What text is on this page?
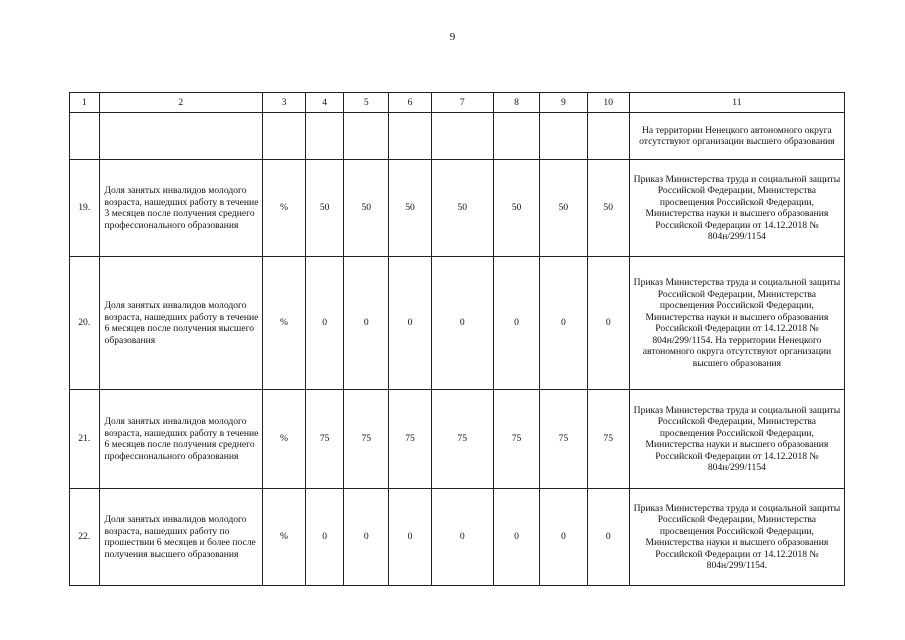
9
1	2	3	4	5	6	7	8	9	10	11
										На территории Ненецкого автономного округа отсутствуют организации высшего образования
19.	Доля занятых инвалидов молодого возраста, нашедших работу в течение 3 месяцев после получения среднего профессионального образования	%	50	50	50	50	50	50	50	Приказ Министерства труда и социальной защиты Российской Федерации, Министерства просвещения Российской Федерации, Министерства науки и высшего образования Российской Федерации от 14.12.2018 № 804н/299/1154
20.	Доля занятых инвалидов молодого возраста, нашедших работу в течение 6 месяцев после получения высшего образования	%	0	0	0	0	0	0	0	Приказ Министерства труда и социальной защиты Российской Федерации, Министерства просвещения Российской Федерации, Министерства науки и высшего образования Российской Федерации от 14.12.2018 № 804н/299/1154. На территории Ненецкого автономного округа отсутствуют организации высшего образования
21.	Доля занятых инвалидов молодого возраста, нашедших работу в течение 6 месяцев после получения среднего профессионального образования	%	75	75	75	75	75	75	75	Приказ Министерства труда и социальной защиты Российской Федерации, Министерства просвещения Российской Федерации, Министерства науки и высшего образования Российской Федерации от 14.12.2018 № 804н/299/1154
22.	Доля занятых инвалидов молодого возраста, нашедших работу по прошествии 6 месяцев и более после получения высшего образования	%	0	0	0	0	0	0	0	Приказ Министерства труда и социальной защиты Российской Федерации, Министерства просвещения Российской Федерации, Министерства науки и высшего образования Российской Федерации от 14.12.2018 № 804н/299/1154.
